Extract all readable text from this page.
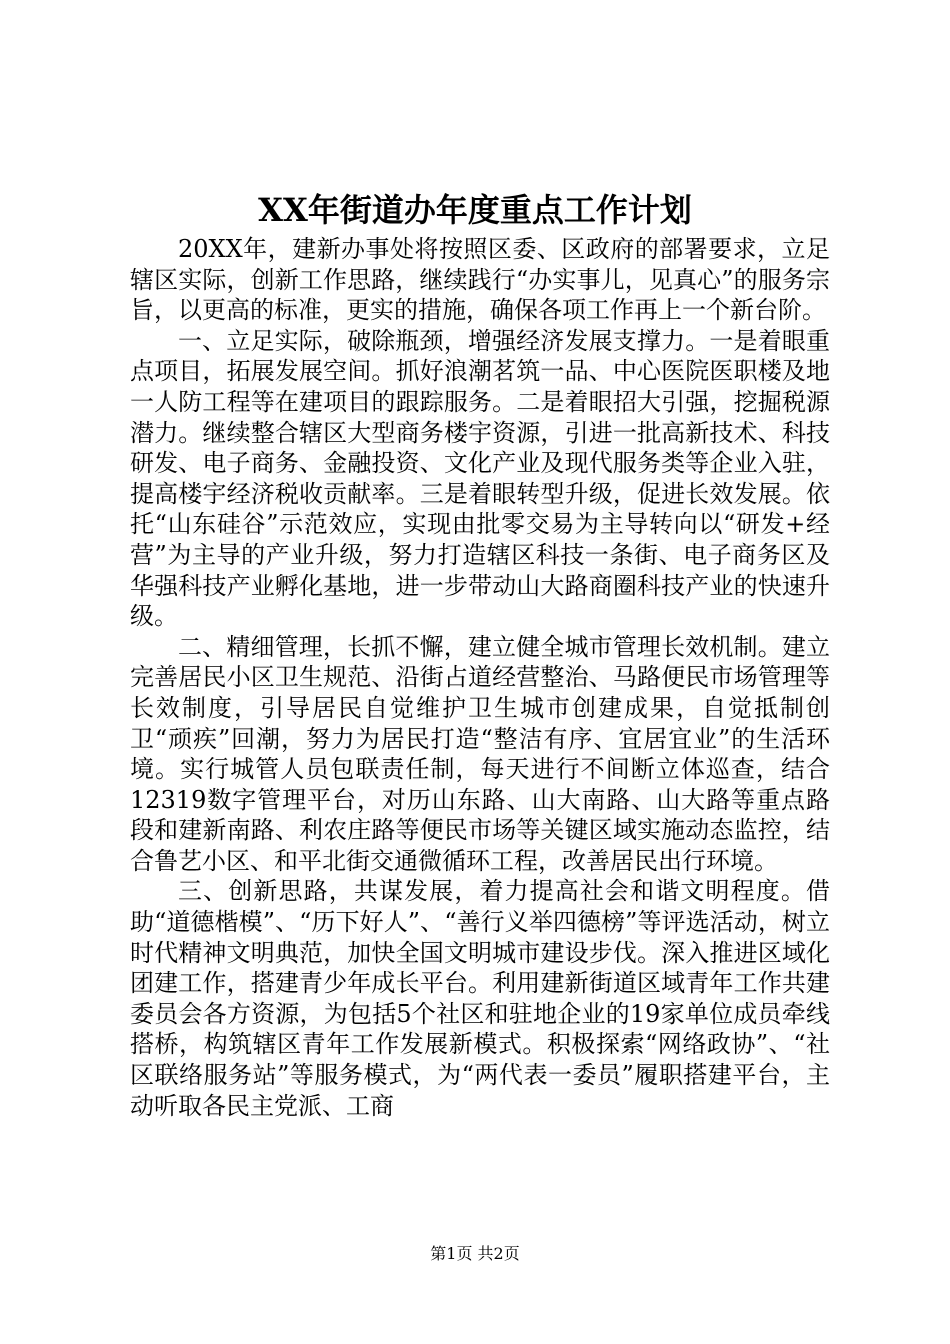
XX年街道办年度重点工作计划

20XX年，建新办事处将按照区委、区政府的部署要求，立足辖区实际，创新工作思路，继续践行“办实事儿，见真心”的服务宗旨，以更高的标准，更实的措施，确保各项工作再上一个新台阶。

一、立足实际，破除瓶颈，增强经济发展支撑力。一是着眼重点项目，拓展发展空间。抓好浪潮茗筑一品、中心医院医职楼及地一人防工程等在建项目的跟踪服务。二是着眼招大引强，挖掘税源潜力。继续整合辖区大型商务楼宇资源，引进一批高新技术、科技研发、电子商务、金融投资、文化产业及现代服务类等企业入驻，提高楼宇经济税收贡献率。三是着眼转型升级，促进长效发展。依托“山东硅谷”示范效应，实现由批零交易为主导转向以“研发+经营”为主导的产业升级，努力打造辖区科技一条街、电子商务区及华强科技产业孵化基地，进一步带动山大路商圈科技产业的快速升级。

二、精细管理，长抓不懈，建立健全城市管理长效机制。建立完善居民小区卫生规范、沿街占道经营整治、马路便民市场管理等长效制度，引导居民自觉维护卫生城市创建成果，自觉抵制创卫“顽疾”回潮，努力为居民打造“整洁有序、宜居宜业”的生活环境。实行城管人员包联责任制，每天进行不间断立体巡查，结合12319数字管理平台，对历山东路、山大南路、山大路等重点路段和建新南路、利农庄路等便民市场等关键区域实施动态监控，结合鲁艺小区、和平北街交通微循环工程，改善居民出行环境。

三、创新思路，共谋发展，着力提高社会和谐文明程度。借助“道德楷模”、“历下好人”、“善行义举四德榜”等评选活动，树立时代精神文明典范，加快全国文明城市建设步伐。深入推进区域化团建工作，搭建青少年成长平台。利用建新街道区域青年工作共建委员会各方资源，为包括5个社区和驻地企业的19家单位成员牵线搭桥，构筑辖区青年工作发展新模式。积极探索“网络政协”、“社区联络服务站”等服务模式，为“两代表一委员”履职搭建平台，主动听取各民主党派、工商

第1页 共2页
